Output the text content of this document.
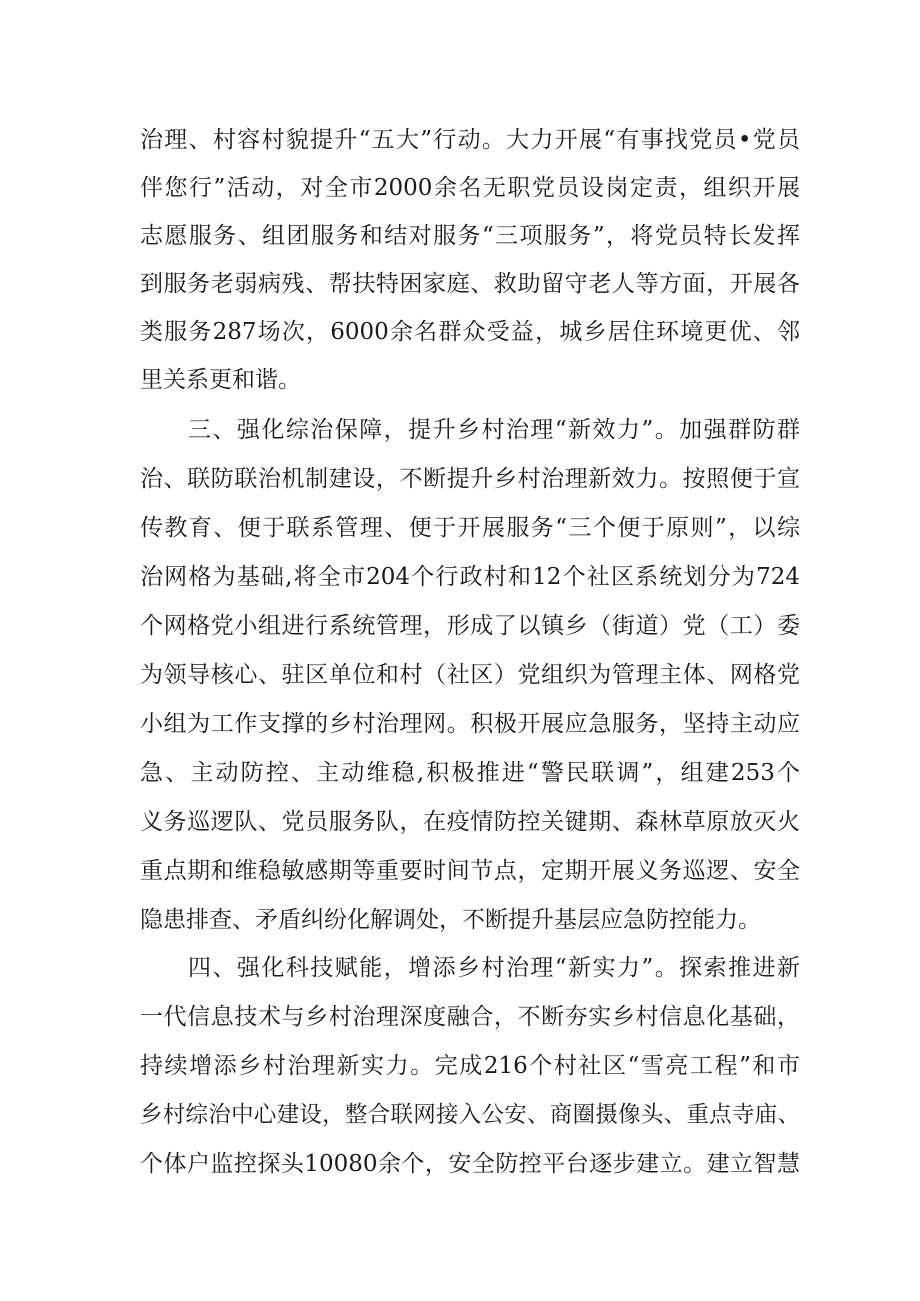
治理、村容村貌提升“五大”行动。大力开展“有事找党员•党员
伴您行”活动，对全市2000余名无职党员设岗定责，组织开展
志愿服务、组团服务和结对服务“三项服务”，将党员特长发挥
到服务老弱病残、帮扶特困家庭、救助留守老人等方面，开展各
类服务287场次，6000余名群众受益，城乡居住环境更优、邻
里关系更和谐。
三、强化综治保障，提升乡村治理“新效力”。加强群防群
治、联防联治机制建设，不断提升乡村治理新效力。按照便于宣
传教育、便于联系管理、便于开展服务“三个便于原则”，以综
治网格为基础,将全市204个行政村和12个社区系统划分为724
个网格党小组进行系统管理，形成了以镇乡（街道）党（工）委
为领导核心、驻区单位和村（社区）党组织为管理主体、网格党
小组为工作支撑的乡村治理网。积极开展应急服务，坚持主动应
急、主动防控、主动维稳,积极推进“警民联调”，组建253个
义务巡逻队、党员服务队，在疫情防控关键期、森林草原放灭火
重点期和维稳敏感期等重要时间节点，定期开展义务巡逻、安全
隐患排查、矛盾纠纷化解调处，不断提升基层应急防控能力。
四、强化科技赋能，增添乡村治理“新实力”。探索推进新
一代信息技术与乡村治理深度融合，不断夯实乡村信息化基础，
持续增添乡村治理新实力。完成216个村社区“雪亮工程”和市
乡村综治中心建设，整合联网接入公安、商圈摄像头、重点寺庙、
个体户监控探头10080余个，安全防控平台逐步建立。建立智慧
